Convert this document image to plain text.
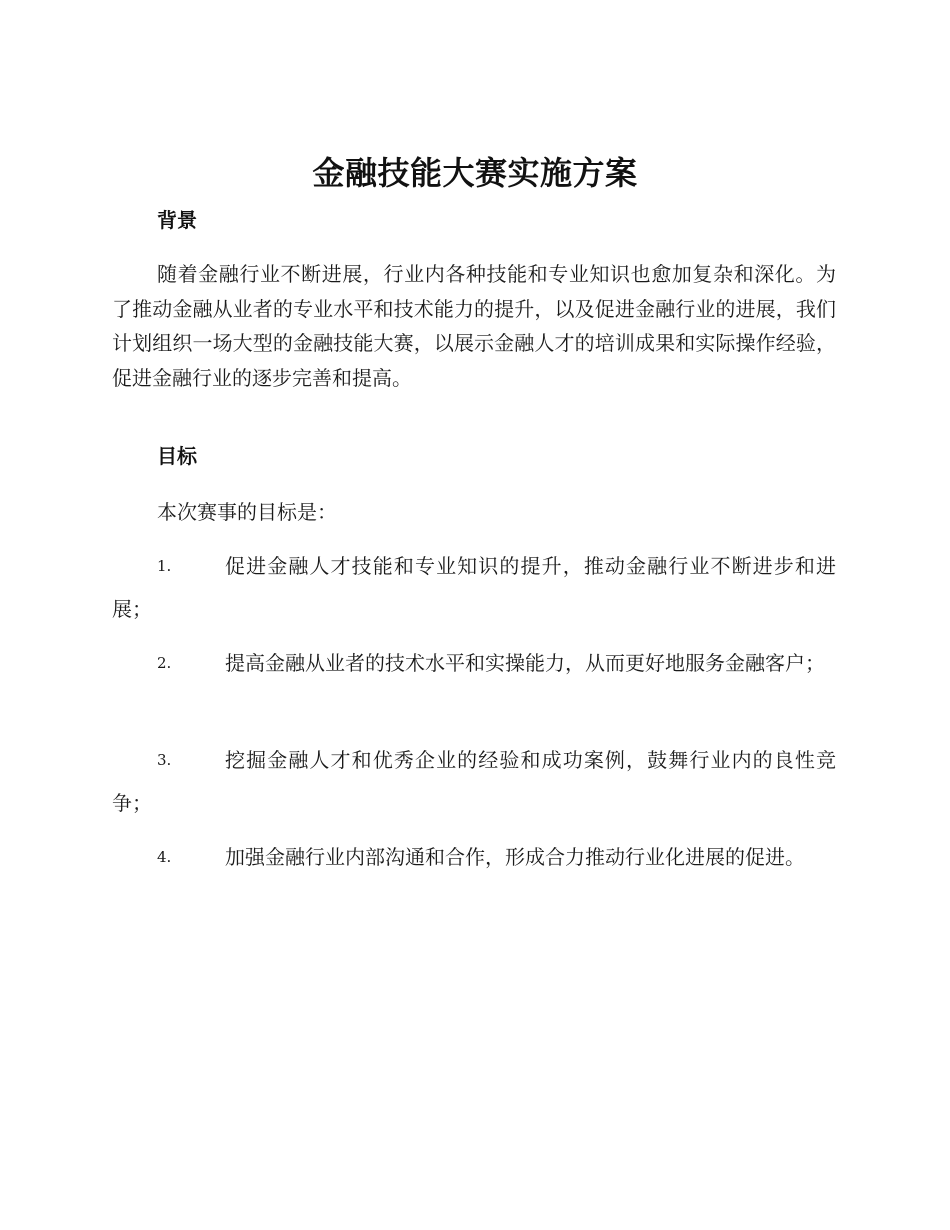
金融技能大赛实施方案
背景

随着金融行业不断进展，行业内各种技能和专业知识也愈加复杂和深化。为了推动金融从业者的专业水平和技术能力的提升，以及促进金融行业的进展，我们计划组织一场大型的金融技能大赛，以展示金融人才的培训成果和实际操作经验，促进金融行业的逐步完善和提高。

目标

本次赛事的目标是：

1.	促进金融人才技能和专业知识的提升，推动金融行业不断进步和进展；
2.	提高金融从业者的技术水平和实操能力，从而更好地服务金融客户；
3.	挖掘金融人才和优秀企业的经验和成功案例，鼓舞行业内的良性竞争；
4.	加强金融行业内部沟通和合作，形成合力推动行业化进展的促进。
